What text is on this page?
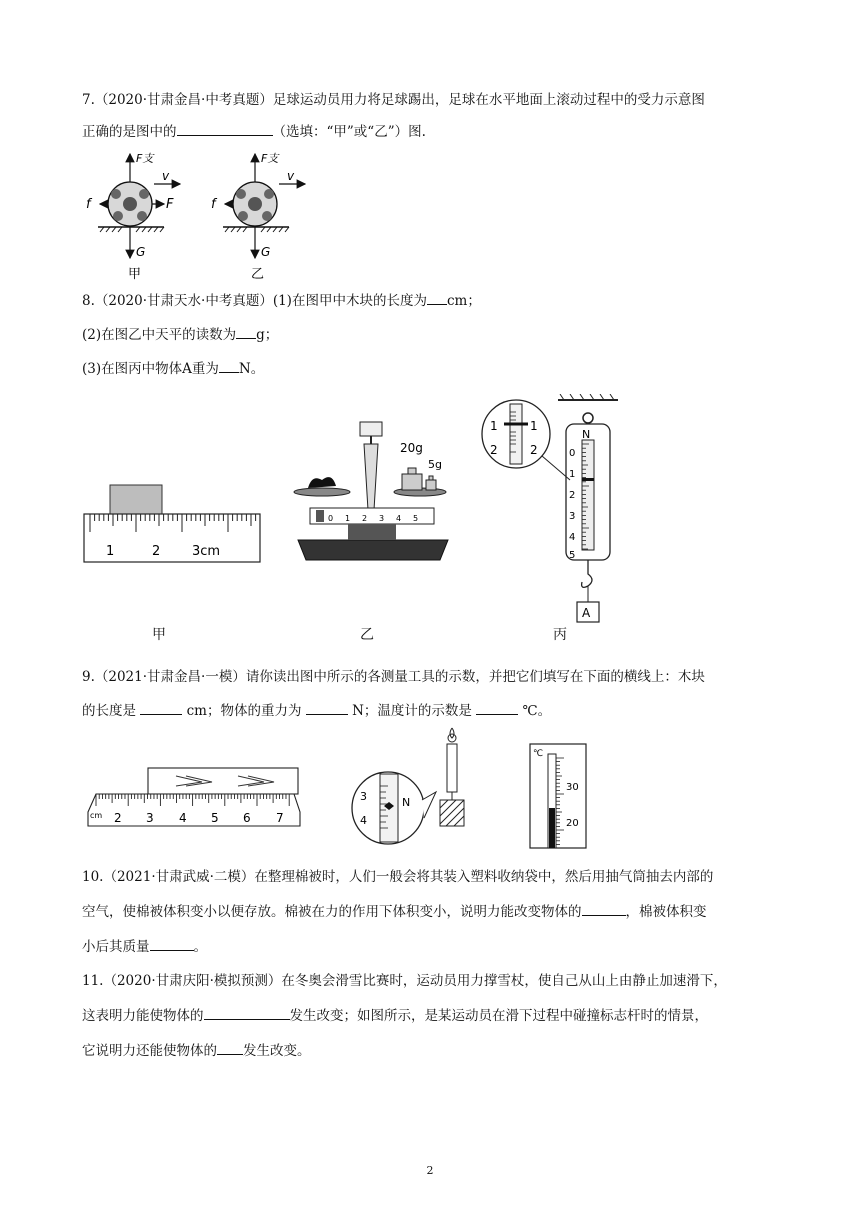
7.（2020·甘肃金昌·中考真题）足球运动员用力将足球踢出，足球在水平地面上滚动过程中的受力示意图
正确的是图中的	（选填：“甲”或“乙”）图.
F支
v
f	F
G
甲
F支
v
f
G
乙
8.（2020·甘肃天水·中考真题）(1)在图甲中木块的长度为 cm；
(2)在图乙中天平的读数为 g；
(3)在图丙中物体A重为 N。
1	2 3cm
20g
5g
0 1 2 3 4 5
N
0
1
2
3
4
5
A
1	1
2	2
甲	乙	丙
9.（2021·甘肃金昌·一模）请你读出图中所示的各测量工具的示数，并把它们填写在下面的横线上：木块
的长度是	cm；物体的重力为	N；温度计的示数是	℃。
cm 2 3 4 5 6 7
3
4
N
℃
30
20
10.（2021·甘肃武威·二模）在整理棉被时，人们一般会将其装入塑料收纳袋中，然后用抽气筒抽去内部的
空气，使棉被体积变小以便存放。棉被在力的作用下体积变小，说明力能改变物体的	，棉被体积变
小后其质量	。
11.（2020·甘肃庆阳·模拟预测）在冬奥会滑雪比赛时，运动员用力撑雪杖，使自己从山上由静止加速滑下，
这表明力能使物体的	发生改变；如图所示，是某运动员在滑下过程中碰撞标志杆时的情景，
它说明力还能使物体的 发生改变。
2
